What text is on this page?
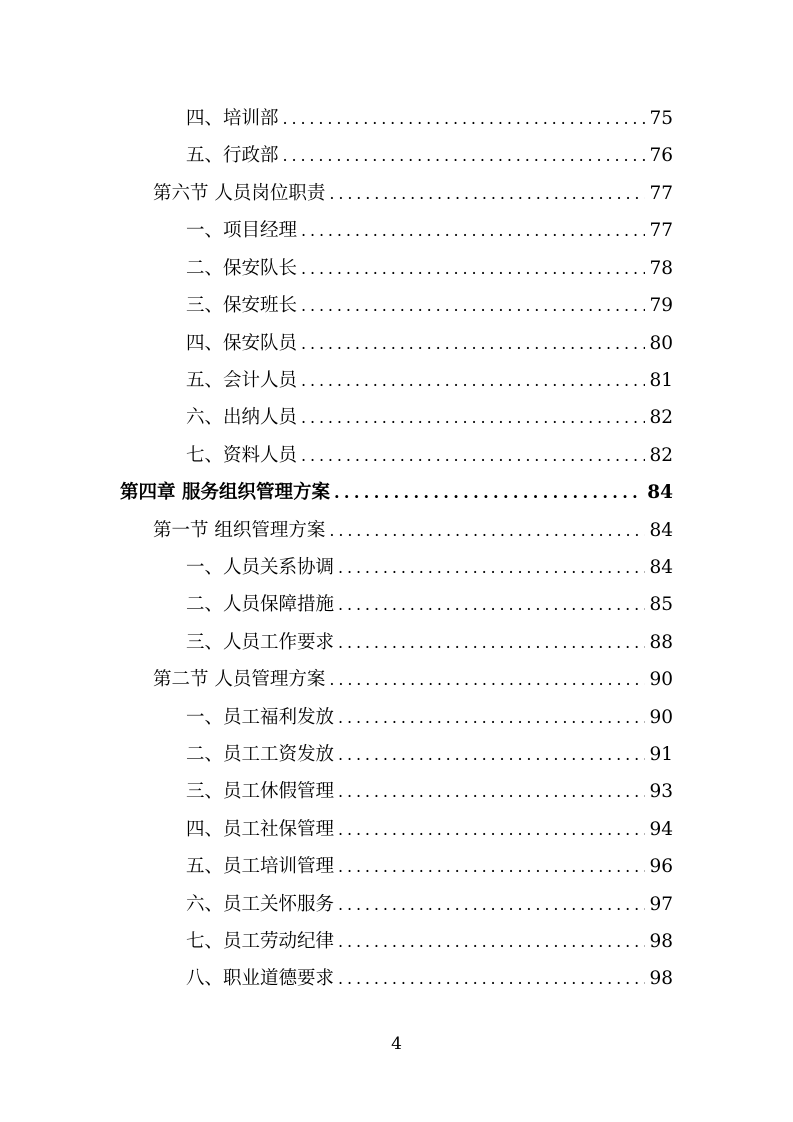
四、培训部 . . .	75
五、行政部 . . .	76
第六节 人员岗位职责 . . .	77
一、项目经理 . . .	77
二、保安队长 . . .	78
三、保安班长 . . .	79
四、保安队员 . . .	80
五、会计人员 . . .	81
六、出纳人员 . . .	82
七、资料人员 . . .	82
第四章 服务组织管理方案 . . .	84
第一节 组织管理方案 . . .	84
一、人员关系协调 . . .	84
二、人员保障措施 . . .	85
三、人员工作要求 . . .	88
第二节 人员管理方案 . . .	90
一、员工福利发放 . . .	90
二、员工工资发放 . . .	91
三、员工休假管理 . . .	93
四、员工社保管理 . . .	94
五、员工培训管理 . . .	96
六、员工关怀服务 . . .	97
七、员工劳动纪律 . . .	98
八、职业道德要求 . . .	98
4
